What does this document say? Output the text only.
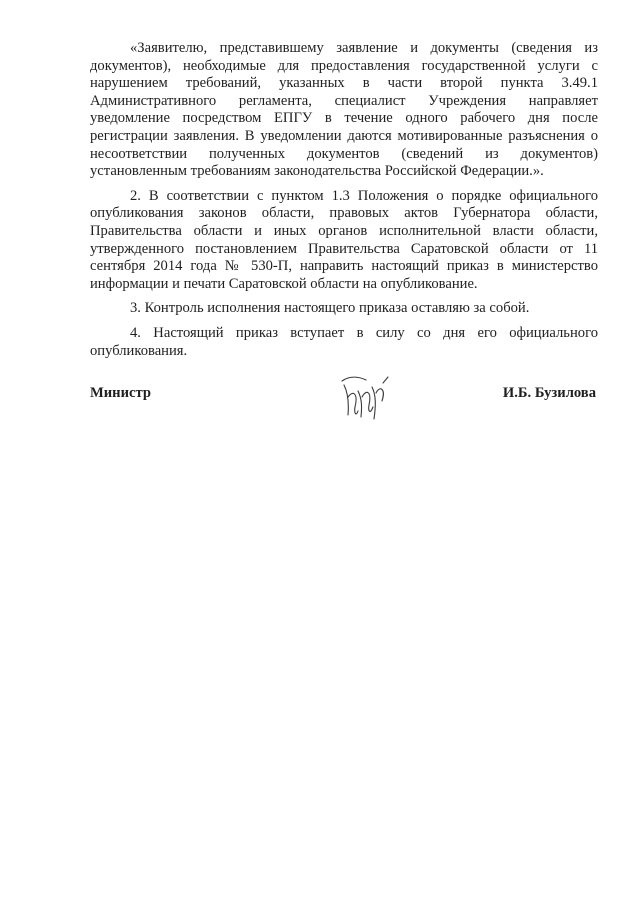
«Заявителю, представившему заявление и документы (сведения из документов), необходимые для предоставления государственной услуги с нарушением требований, указанных в части второй пункта 3.49.1 Административного регламента, специалист Учреждения направляет уведомление посредством ЕПГУ в течение одного рабочего дня после регистрации заявления. В уведомлении даются мотивированные разъяснения о несоответствии полученных документов (сведений из документов) установленным требованиям законодательства Российской Федерации.».

2. В соответствии с пунктом 1.3 Положения о порядке официального опубликования законов области, правовых актов Губернатора области, Правительства области и иных органов исполнительной власти области, утвержденного постановлением Правительства Саратовской области от 11 сентября 2014 года № 530-П, направить настоящий приказ в министерство информации и печати Саратовской области на опубликование.

3. Контроль исполнения настоящего приказа оставляю за собой.

4. Настоящий приказ вступает в силу со дня его официального опубликования.

Министр	И.Б. Бузилова
